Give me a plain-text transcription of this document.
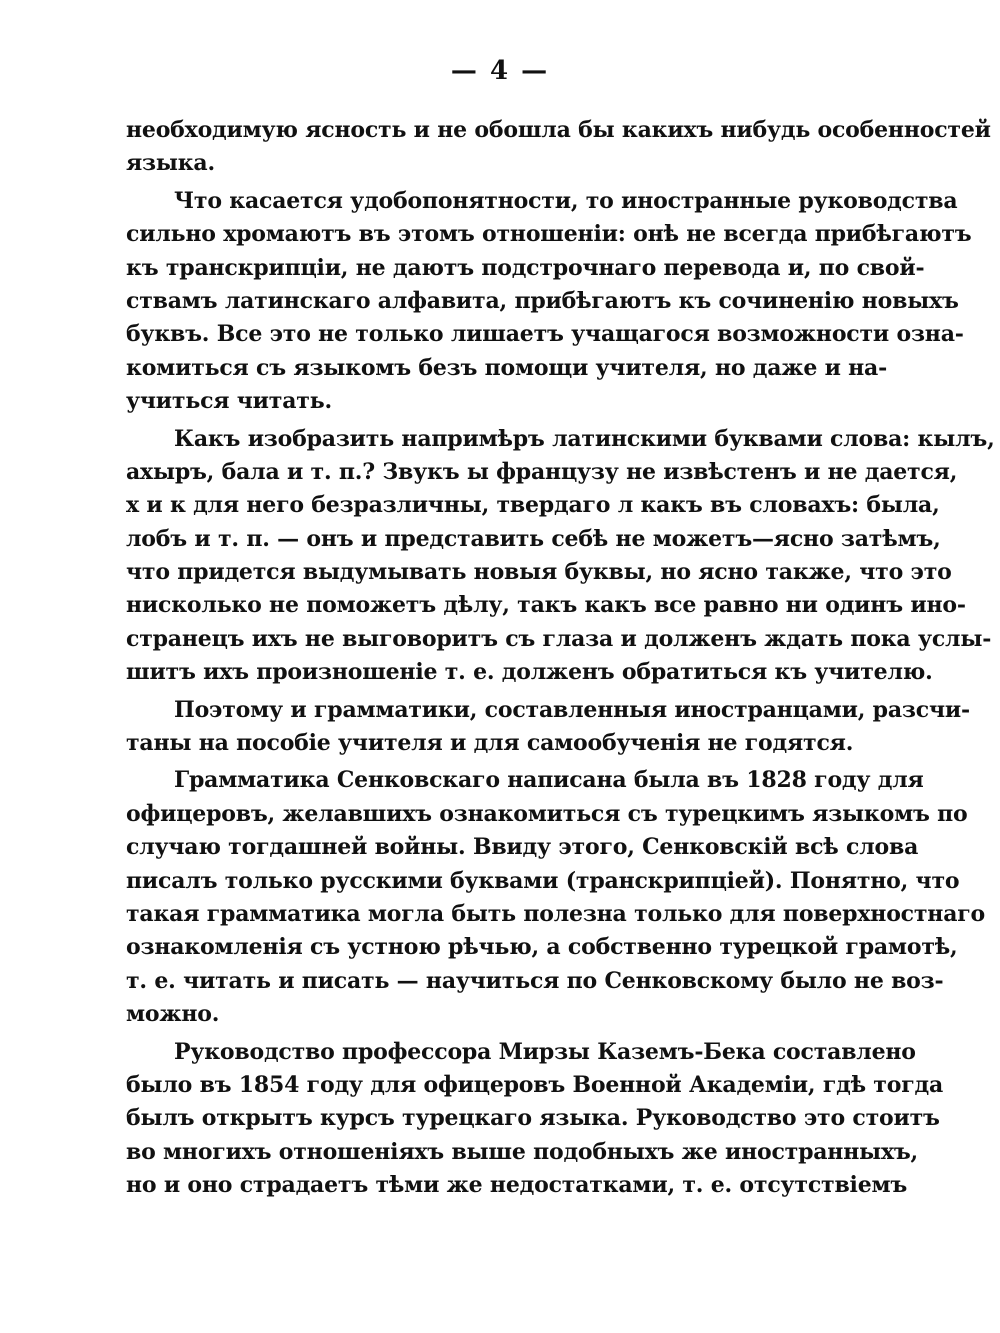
— 4 —
необходимую ясность и не обошла бы какихъ нибудь особенностей
языка.
Что касается удобопонятности, то иностранные руководства
сильно хромаютъ въ этомъ отношеніи: онѣ не всегда прибѣгаютъ
къ транскрипціи, не даютъ подстрочнаго перевода и, по свой-
ствамъ латинскаго алфавита, прибѣгаютъ къ сочиненію новыхъ
буквъ. Все это не только лишаетъ учащагося возможности озна-
комиться съ языкомъ безъ помощи учителя, но даже и на-
учиться читать.
Какъ изобразить напримѣръ латинскими буквами слова: кылъ,
ахыръ, бала и т. п.? Звукъ ы французу не извѣстенъ и не дается,
х и к для него безразличны, твердаго л какъ въ словахъ: была,
лобъ и т. п. — онъ и представить себѣ не можетъ—ясно затѣмъ,
что придется выдумывать новыя буквы, но ясно также, что это
нисколько не поможетъ дѣлу, такъ какъ все равно ни одинъ ино-
странецъ ихъ не выговоритъ съ глаза и долженъ ждать пока услы-
шитъ ихъ произношеніе т. е. долженъ обратиться къ учителю.
Поэтому и грамматики, составленныя иностранцами, разсчи-
таны на пособіе учителя и для самообученія не годятся.
Грамматика Сенковскаго написана была въ 1828 году для
офицеровъ, желавшихъ ознакомиться съ турецкимъ языкомъ по
случаю тогдашней войны. Ввиду этого, Сенковскій всѣ слова
писалъ только русскими буквами (транскрипціей). Понятно, что
такая грамматика могла быть полезна только для поверхностнаго
ознакомленія съ устною рѣчью, а собственно турецкой грамотѣ,
т. е. читать и писать — научиться по Сенковскому было не воз-
можно.
Руководство профессора Мирзы Каземъ-Бека составлено
было въ 1854 году для офицеровъ Военной Академіи, гдѣ тогда
былъ открытъ курсъ турецкаго языка. Руководство это стоитъ
во многихъ отношеніяхъ выше подобныхъ же иностранныхъ,
но и оно страдаетъ тѣми же недостатками, т. е. отсутствіемъ
